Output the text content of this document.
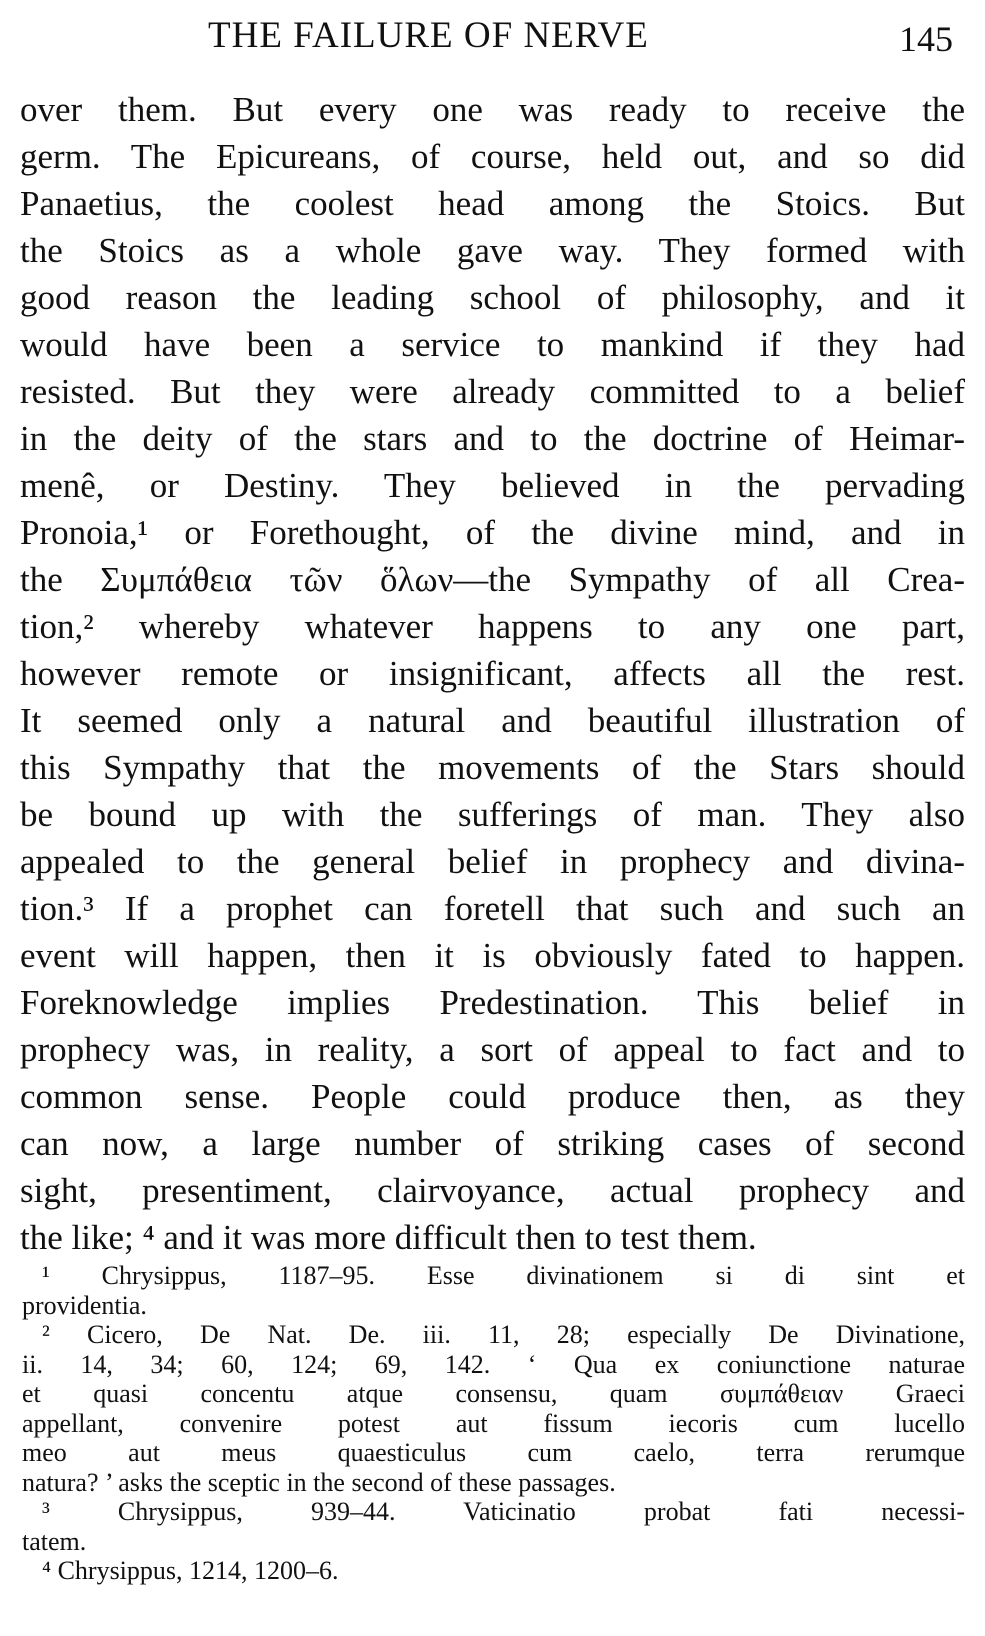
THE FAILURE OF NERVE	145
over them. But every one was ready to receive the
germ. The Epicureans, of course, held out, and so did
Panaetius, the coolest head among the Stoics. But
the Stoics as a whole gave way. They formed with
good reason the leading school of philosophy, and it
would have been a service to mankind if they had
resisted. But they were already committed to a belief
in the deity of the stars and to the doctrine of Heimar-
menê, or Destiny. They believed in the pervading
Pronoia,¹ or Forethought, of the divine mind, and in
the Συμπάθεια τῶν ὅλων—the Sympathy of all Crea-
tion,² whereby whatever happens to any one part,
however remote or insignificant, affects all the rest.
It seemed only a natural and beautiful illustration of
this Sympathy that the movements of the Stars should
be bound up with the sufferings of man. They also
appealed to the general belief in prophecy and divina-
tion.³ If a prophet can foretell that such and such an
event will happen, then it is obviously fated to happen.
Foreknowledge implies Predestination. This belief in
prophecy was, in reality, a sort of appeal to fact and to
common sense. People could produce then, as they
can now, a large number of striking cases of second
sight, presentiment, clairvoyance, actual prophecy and
the like; ⁴ and it was more difficult then to test them.
¹ Chrysippus, 1187–95. Esse divinationem si di sint et
providentia.
² Cicero, De Nat. De. iii. 11, 28; especially De Divinatione,
ii. 14, 34; 60, 124; 69, 142. ‘ Qua ex coniunctione naturae
et quasi concentu atque consensu, quam συμπάθειαν Graeci
appellant, convenire potest aut fissum iecoris cum lucello
meo aut meus quaesticulus cum caelo, terra rerumque
natura? ’ asks the sceptic in the second of these passages.
³ Chrysippus, 939–44. Vaticinatio probat fati necessi-
tatem.
⁴ Chrysippus, 1214, 1200–6.
